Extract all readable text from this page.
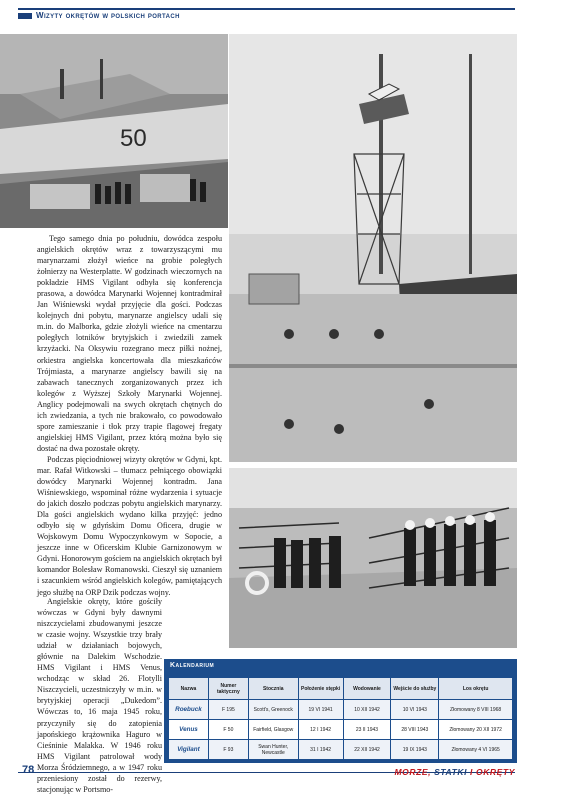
Wizyty okrętów w polskich portach
50

Tego samego dnia po południu, dowódca zespołu angielskich okrętów wraz z towarzyszącymi mu marynarzami złożył wieńce na grobie poległych żołnierzy na Westerplatte. W godzinach wieczornych na pokładzie HMS Vigilant odbyła się konferencja prasowa, a dowódca Marynarki Wojennej kontradmirał Jan Wiśniewski wydał przyjęcie dla gości. Podczas kolejnych dni pobytu, marynarze angielscy udali się m.in. do Malborka, gdzie złożyli wieńce na cmentarzu poległych lotników brytyjskich i zwiedzili zamek krzyżacki. Na Oksywiu rozegrano mecz piłki nożnej, orkiestra angielska koncertowała dla mieszkańców Trójmiasta, a marynarze angielscy bawili się na zabawach tanecznych zorganizowanych przez ich kolegów z Wyższej Szkoły Marynarki Wojennej. Anglicy podejmowali na swych okrętach chętnych do ich zwiedzania, a tych nie brakowało, co powodowało spore zamieszanie i tłok przy trapie flagowej fregaty angielskiej HMS Vigilant, przez którą można było się dostać na dwa pozostałe okręty.

Podczas pięciodniowej wizyty okrętów w Gdyni, kpt. mar. Rafał Witkowski – tłumacz pełniącego obowiązki dowódcy Marynarki Wojennej kontradm. Jana Wiśniewskiego, wspominał różne wydarzenia i sytuacje do jakich doszło podczas pobytu angielskich marynarzy. Dla gości angielskich wydano kilka przyjęć: jedno odbyło się w gdyńskim Domu Oficera, drugie w Wojskowym Domu Wypoczynkowym w Sopocie, a jeszcze inne w Oficerskim Klubie Garnizonowym w Gdyni. Honorowym gościem na angielskich okrętach był komandor Bolesław Romanowski. Cieszył się uznaniem i szacunkiem wśród angielskich kolegów, pamiętających jego służbę na ORP Dzik podczas wojny.

Angielskie okręty, które gościły wówczas w Gdyni były dawnymi niszczycielami zbudowanymi jeszcze w czasie wojny. Wszystkie trzy brały udział w działaniach bojowych, głównie na Dalekim Wschodzie. HMS Vigilant i HMS Venus, wchodząc w skład 26. Flotylli Niszczycieli, uczestniczyły w m.in. w brytyjskiej operacji „Dukedom”. Wówczas to, 16 maja 1945 roku, przyczyniły się do zatopienia japońskiego krążownika Haguro w Cieśninie Malakka. W 1946 roku HMS Vigilant patrolował wody Morza Śródziemnego, a w 1947 roku przeniesiony został do rezerwy, stacjonując w Portsmo-

Kalendarium
Nazwa	Numer taktyczny	Stocznia	Położenie stępki	Wodowanie	Wejście do służby	Los okrętu
Roebuck	F 195	Scott's, Greenock	19 VI 1941	10 XII 1942	10 VI 1943	Złomowany 8 VIII 1968
Venus	F 50	Fairfield, Glasgow	12 I 1942	23 II 1943	28 VIII 1943	Złomowany 20 XII 1972
Vigilant	F 93	Swan Hunter, Newcastle	31 I 1942	22 XII 1942	19 IX 1943	Złomowany 4 VI 1965
78	MORZE, STATKI I OKRĘTY
